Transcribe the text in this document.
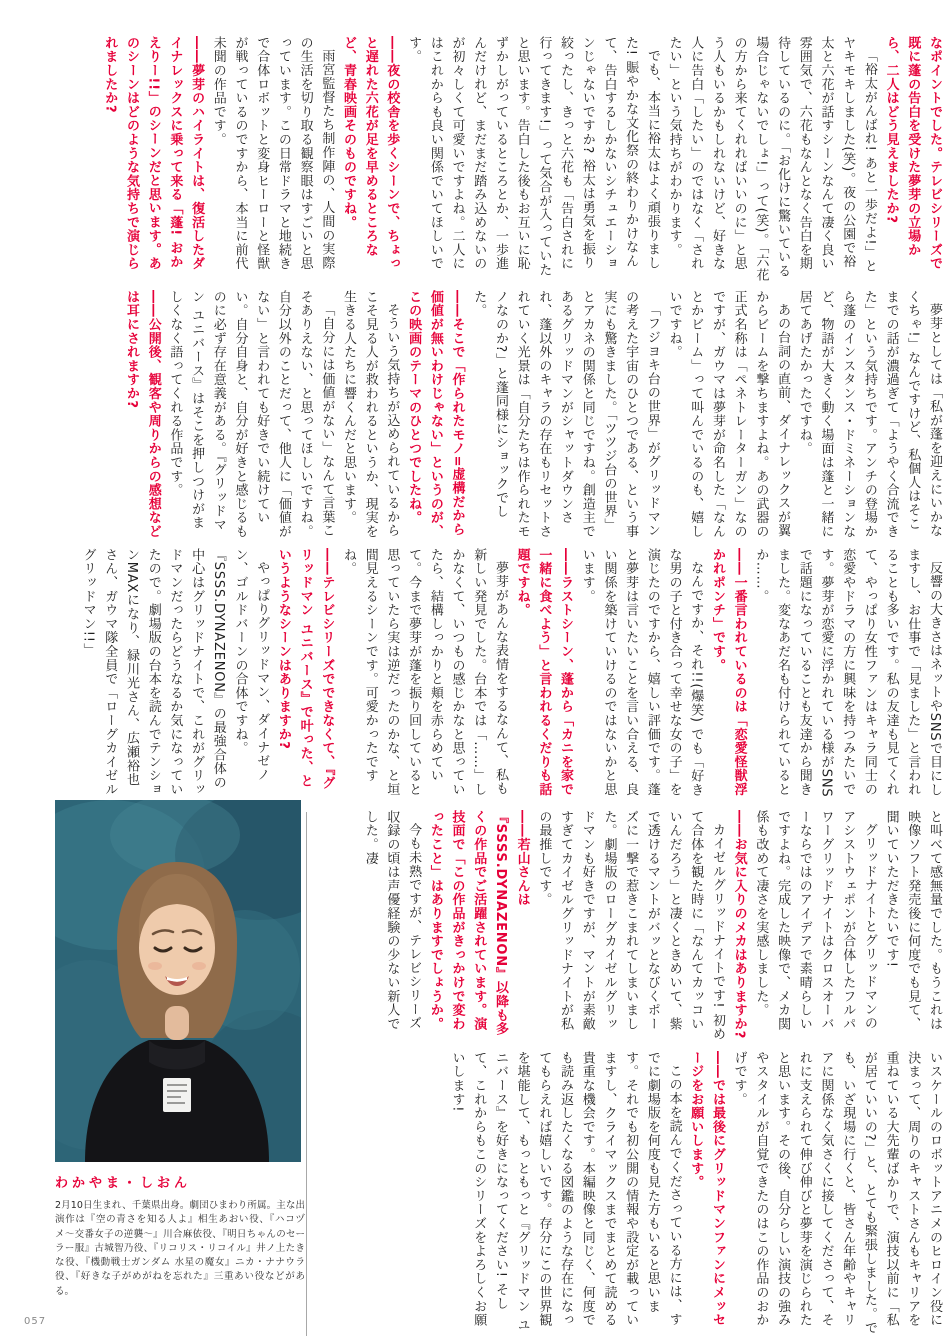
なポイントでした。テレビシリーズで既に蓬の告白を受けた夢芽の立場から、二人はどう見えましたか?

「裕太がんばれ! あと一歩だよ!」とヤキモキしました(笑)。夜の公園で裕太と六花が話すシーンなんて凄く良い雰囲気で、六花もなんとなく告白を期待しているのに。「お化けに驚いている場合じゃないでしょ!」って(笑)。「六花の方から来てくれればいいのに」と思う人もいるかもしれないけど、好きな人に告白「したい」のではなく「されたい」という気持ちがわかります。

でも、本当に裕太はよく頑張りました! 賑やかな文化祭の終わりかけなんて、告白するしかないシチュエーションじゃないですか? 裕太は勇気を振り絞ったし、きっと六花も「告白されに行ってきます!」って気合が入っていたと思います。告白した後もお互いに恥ずかしがっているところとか、一歩進んだけれど、まだまだ踏み込めないのが初々しくて可愛いですよね。二人にはこれからも良い関係でいてほしいです。

――夜の校舎を歩くシーンで、ちょっと遅れた六花が足を早めるところなど、青春映画そのものですね。

雨宮監督たち制作陣の、人間の実際の生活を切り取る観察眼はすごいと思っています。この日常ドラマと地続きで合体ロボットと変身ヒーローと怪獣が戦っているのですから、本当に前代未聞の作品です。

――夢芽のハイライトは、復活したダイナレックスに乗って来る「蓬! おかえりー!!」のシーンだと思います。あのシーンはどのような気持ちで演じられましたか?

夢芽としては「私が蓬を迎えにいかなくちゃ!」なんですけど、私個人はそこまでの話が濃過ぎて「ようやく合流できた」という気持ちです。アンチの登場から蓬のインスタンス・ドミネーションなど、物語が大きく動く場面は蓬と一緒に居てあげたかったですね。

あの台詞の直前、ダイナレックスが翼からビームを撃ちますよね。あの武器の正式名称は「ペネトレーターガン」なのですが、ガウマは夢芽が命名した「なんとかビーム」って叫んでいるのも、嬉しいですね。

「フジヨキ台の世界」がグリッドマンの考えた宇宙のひとつである、という事実にも驚きました。「ツツジ台の世界」とアカネの関係と同じですね。創造主であるグリッドマンがシャットダウンされ、蓬以外のキャラの存在もリセットされていく光景は「自分たちは作られたモノなのか?」と蓬同様にショックでした。

――そこで「作られたモノ=虚構だから価値が無いわけじゃない」というのが、この映画のテーマのひとつでしたね。

そういう気持ちが込められているからこそ見る人が救われるというか、現実を生きる人たちに響くんだと思います。

「自分には価値がない」なんて言葉こそありえない、と思ってほしいですね。自分以外のことだって、他人に「価値がない」と言われても好きでい続けていい。自分自身と、自分が好きと感じるものに必ず存在意義がある。『グリッドマン ユニバース』はそこを押しつけがましくなく語ってくれる作品です。

――公開後、観客や周りからの感想などは耳にされますか?

反響の大きさはネットやSNSで目にしますし、お仕事で「見ました」と言われることも多いです。私の友達も見てくれて、やっぱり女性ファンはキャラ同士の恋愛やドラマの方に興味を持つみたいです。夢芽が恋愛に浮かれている様がSNSで話題になっていることも友達から聞きました。変なあだ名も付けられているとか……。

――一番言われているのは「恋愛怪獣浮かれポンチ」です。

なんですか、それ!!(爆笑) でも「好きな男の子と付き合って幸せな女の子」を演じたのですから、嬉しい評価です。蓬と夢芽は言いたいことを言い合える、良い関係を築けていけるのではないかと思います。

――ラストシーン、蓬から「カニを家で一緒に食べよう」と言われるくだりも話題ですね。

夢芽があんな表情をするなんて、私も新しい発見でした。台本では「……」しかなくて、いつもの感じかなと思っていたら、結構しっかりと頬を赤らめていて。今まで夢芽が蓬を振り回していると思っていたら実は逆だったのかな、と垣間見えるシーンです。可愛かったですね。

――テレビシリーズでできなくて、『グリッドマン ユニバース』で叶った、というようなシーンはありますか?

やっぱりグリッドマン、ダイナゼノン、ゴルドバーンの合体ですね。『SSSS.DYNAZENON』の最強合体の中心はグリッドナイトで、これがグリッドマンだったらどうなるか気になっていたので。劇場版の台本を読んでテンションMAXになり、緑川光さん、広瀬裕也さん、ガウマ隊全員で「ローグカイゼルグリッドマン!!」

と叫べて感無量でした。もうこれは映像ソフト発売後に何度でも見て、聞いていただきたいです!

グリッドナイトとグリッドマンのアシストウェポンが合体したフルパワーグリッドナイトはクロスオーバーならではのアイデアで素晴らしいですよね。完成した映像で、メカ関係も改めて凄さを実感しました。

――お気に入りのメカはありますか?

カイゼルグリッドナイトです! 初めて合体を観た時に「なんてカッコいいんだろう」と凄くときめいて、紫で透けるマントがバッとなびくポーズに一撃で惹きこまれてしまいました。劇場版のローグカイゼルグリッドマンも好きですが、マントが素敵すぎてカイゼルグリッドナイトが私の最推しです。

――若山さんは『SSSS.DYNAZENON』以降も多くの作品でご活躍されています。演技面で「この作品がきっかけで変わったこと」はありますでしょうか。

今も未熟ですが、テレビシリーズ収録の頃は声優経験の少ない新人でした。凄

いスケールのロボットアニメのヒロイン役に決まって、周りのキャストさんもキャリアを重ねている大先輩ばかりで、演技以前に「私が居ていいの?」と、とても緊張しました。でも、いざ現場に行くと、皆さん年齢やキャリアに関係なく気さくに接してくださって、それに支えられて伸び伸びと夢芽を演じられたと思います。その後、自分らしい演技の強みやスタイルが自覚できたのはこの作品のおかげです。

――では最後にグリッドマンファンにメッセージをお願いします。

この本を読んでくださっている方には、すでに劇場版を何度も見た方もいると思います。それでも初公開の情報や設定が載っていますし、クライマックスまでまとめて読める貴重な機会です。本編映像と同じく、何度でも読み返したくなる図鑑のような存在になってもらえれば嬉しいです。存分にこの世界観を堪能して、もっともっと『グリッドマン ユニバース』を好きになってください! そして、これからもこのシリーズをよろしくお願いします!

わかやま・しおん
2月10日生まれ、千葉県出身。劇団ひまわり所属。主な出演作は『空の青さを知る人よ』相生あおい役、『ハコヅメ〜交番女子の逆襲〜』川合麻依役、『明日ちゃんのセーラー服』古城智乃役、『リコリス・リコイル』井ノ上たきな役、『機動戦士ガンダム 水星の魔女』ニカ・ナナウラ役、『好きな子がめがねを忘れた』三重あい役などがある。
057
